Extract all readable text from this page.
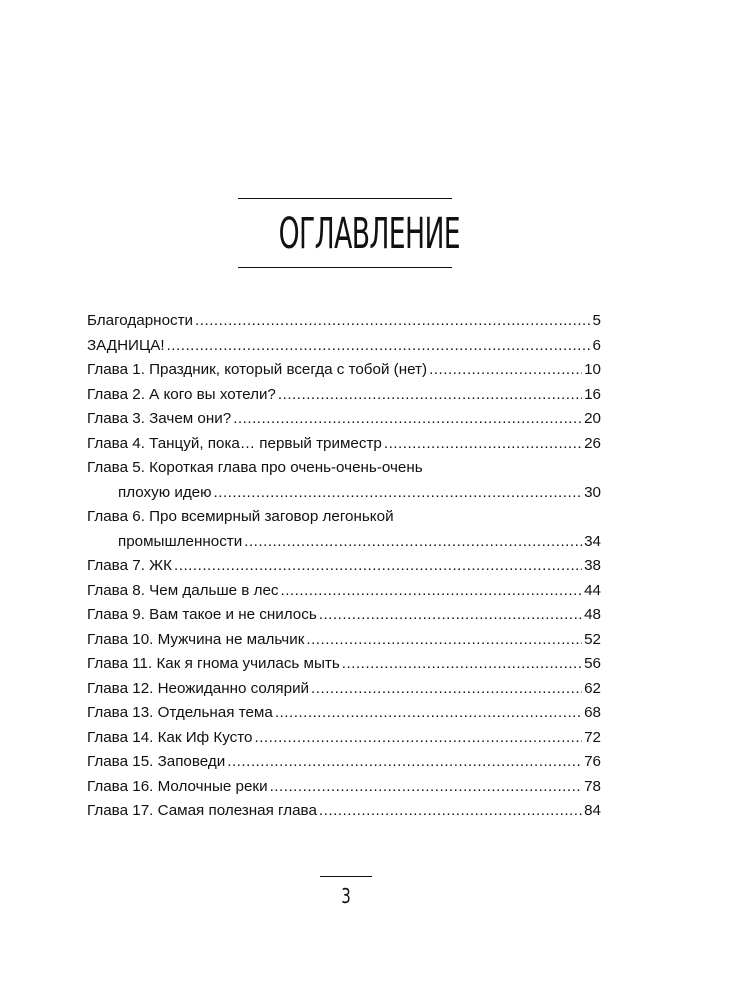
ОГЛАВЛЕНИЕ
Благодарности .....	5
ЗАДНИЦА! .....	6
Глава 1. Праздник, который всегда с тобой (нет) .....	10
Глава 2. А кого вы хотели? .....	16
Глава 3. Зачем они? .....	20
Глава 4. Танцуй, пока… первый триместр .....	26
Глава 5. Короткая глава про очень-очень-очень
плохую идею .....	30
Глава 6. Про всемирный заговор легонькой
промышленности .....	34
Глава 7. ЖК .....	38
Глава 8. Чем дальше в лес .....	44
Глава 9. Вам такое и не снилось .....	48
Глава 10. Мужчина не мальчик .....	52
Глава 11. Как я гнома училась мыть .....	56
Глава 12. Неожиданно солярий .....	62
Глава 13. Отдельная тема .....	68
Глава 14. Как Иф Кусто .....	72
Глава 15. Заповеди .....	76
Глава 16. Молочные реки .....	78
Глава 17. Самая полезная глава .....	84
3
